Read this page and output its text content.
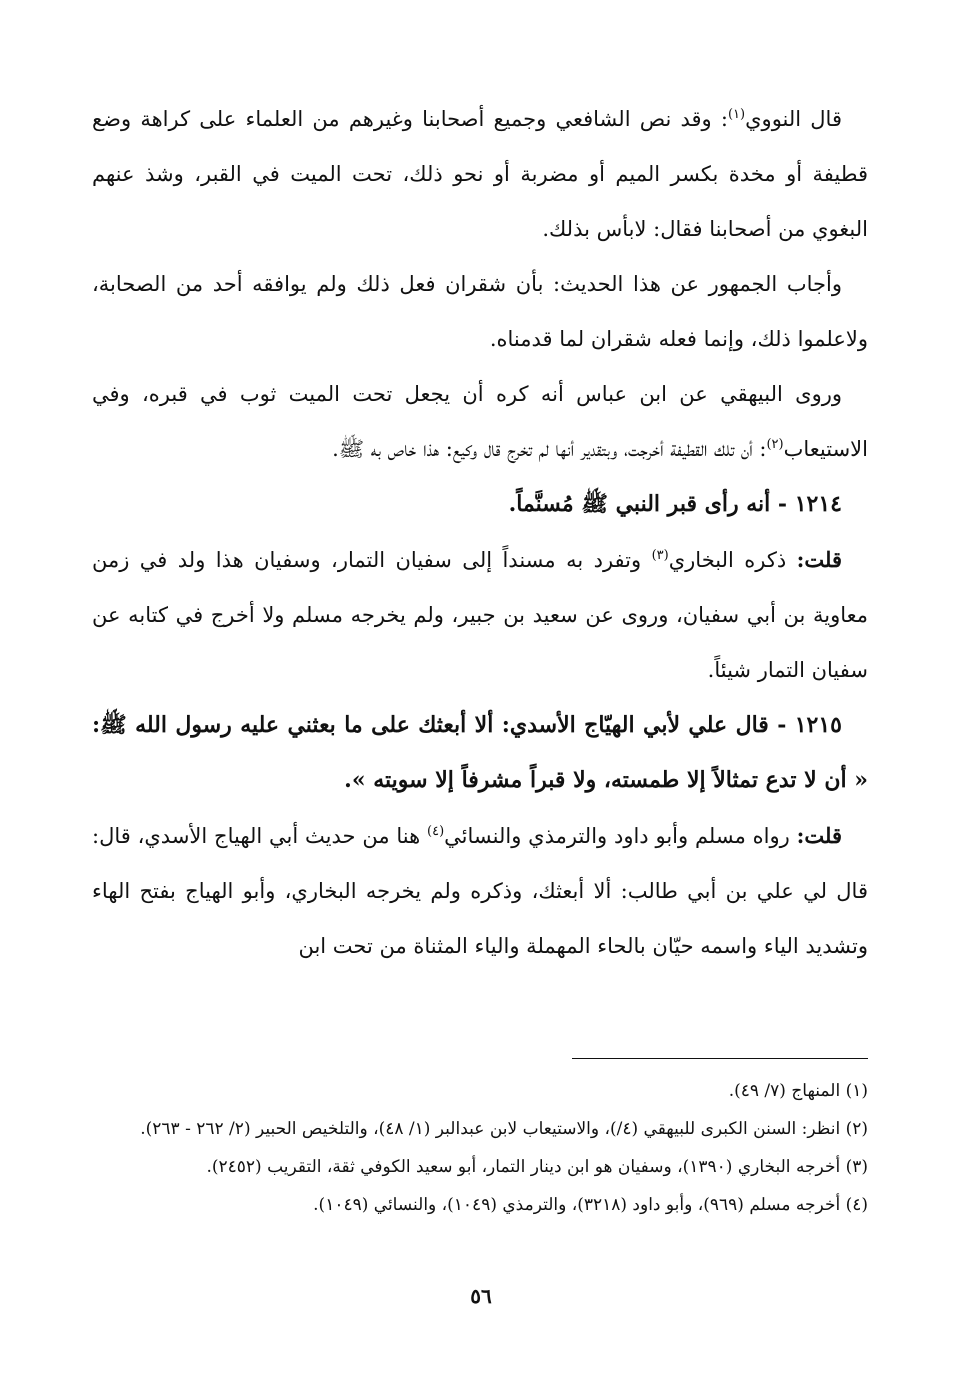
قال النووي$^{(١)}$: وقد نص الشافعي وجميع أصحابنا وغيرهم من العلماء على كراهة وضع قطيفة أو مخدة بكسر الميم أو مضربة أو نحو ذلك، تحت الميت في القبر، وشذ عنهم البغوي من أصحابنا فقال: لابأس بذلك.

وأجاب الجمهور عن هذا الحديث: بأن شقران فعل ذلك ولم يوافقه أحد من الصحابة، ولاعلموا ذلك، وإنما فعله شقران لما قدمناه.

وروى البيهقي عن ابن عباس أنه كره أن يجعل تحت الميت ثوب في قبره، وفي الاستيعاب$^{(٢)}$: أن تلك القطيفة أخرجت، وبتقدير أنها لم تخرج قال وكيع: هذا خاص به ﷺ.

١٢١٤ - أنه رأى قبر النبي ﷺ مُسنَّماً.

قلت: ذكره البخاري$^{(٣)}$ وتفرد به مسنداً إلى سفيان التمار، وسفيان هذا ولد في زمن معاوية بن أبي سفيان، وروى عن سعيد بن جبير، ولم يخرجه مسلم ولا أخرج في كتابه عن سفيان التمار شيئاً.

١٢١٥ - قال علي لأبي الهيّاج الأسدي: ألا أبعثك على ما بعثني عليه رسول الله ﷺ: « أن لا تدع تمثالاً إلا طمسته، ولا قبراً مشرفاً إلا سويته ».

قلت: رواه مسلم وأبو داود والترمذي والنسائي$^{(٤)}$ هنا من حديث أبي الهياج الأسدي، قال: قال لي علي بن أبي طالب: ألا أبعثك، وذكره ولم يخرجه البخاري، وأبو الهياج بفتح الهاء وتشديد الياء واسمه حيّان بالحاء المهملة والياء المثناة من تحت ابن

(١) المنهاج (٧/ ٤٩).

(٢) انظر: السنن الكبرى للبيهقي (٤/)، والاستيعاب لابن عبدالبر (١/ ٤٨)، والتلخيص الحبير (٢/ ٢٦٢ - ٢٦٣).

(٣) أخرجه البخاري (١٣٩٠)، وسفيان هو ابن دينار التمار، أبو سعيد الكوفي ثقة، التقريب (٢٤٥٢).

(٤) أخرجه مسلم (٩٦٩)، وأبو داود (٣٢١٨)، والترمذي (١٠٤٩)، والنسائي (١٠٤٩).

٥٦
